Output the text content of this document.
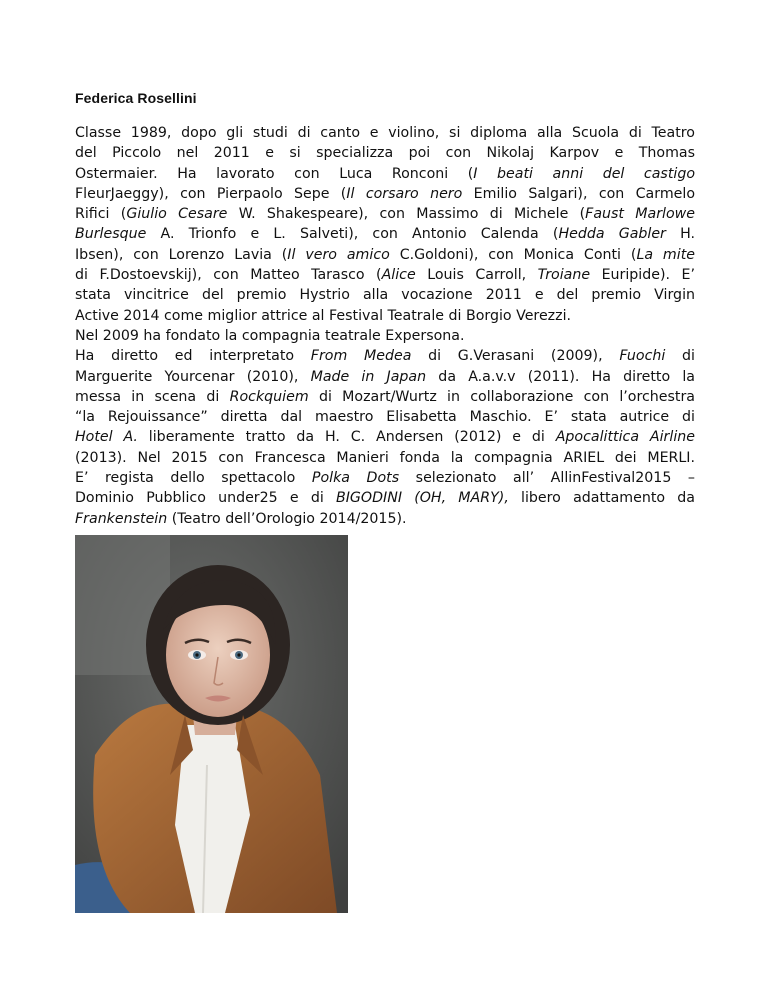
Federica Rosellini
Classe 1989, dopo gli studi di canto e violino, si diploma alla Scuola di Teatro
del Piccolo nel 2011 e si specializza poi con Nikolaj Karpov e Thomas
Ostermaier. Ha lavorato con Luca Ronconi (I beati anni del castigo
FleurJaeggy), con Pierpaolo Sepe (Il corsaro nero Emilio Salgari), con Carmelo
Rifici (Giulio Cesare W. Shakespeare), con Massimo di Michele (Faust Marlowe
Burlesque A. Trionfo e L. Salveti), con Antonio Calenda (Hedda Gabler H.
Ibsen), con Lorenzo Lavia (Il vero amico C.Goldoni), con Monica Conti (La mite
di F.Dostoevskij), con Matteo Tarasco (Alice Louis Carroll, Troiane Euripide). E’
stata vincitrice del premio Hystrio alla vocazione 2011 e del premio Virgin
Active 2014 come miglior attrice al Festival Teatrale di Borgio Verezzi.
Nel 2009 ha fondato la compagnia teatrale Expersona.
Ha diretto ed interpretato From Medea di G.Verasani (2009), Fuochi di
Marguerite Yourcenar (2010), Made in Japan da A.a.v.v (2011). Ha diretto la
messa in scena di Rockquiem di Mozart/Wurtz in collaborazione con l’orchestra
“la Rejouissance” diretta dal maestro Elisabetta Maschio. E’ stata autrice di
Hotel A. liberamente tratto da H. C. Andersen (2012) e di Apocalittica Airline
(2013). Nel 2015 con Francesca Manieri fonda la compagnia ARIEL dei MERLI.
E’ regista dello spettacolo Polka Dots selezionato all’ AllinFestival2015 –
Dominio Pubblico under25 e di BIGODINI (OH, MARY), libero adattamento da
Frankenstein (Teatro dell’Orologio 2014/2015).
